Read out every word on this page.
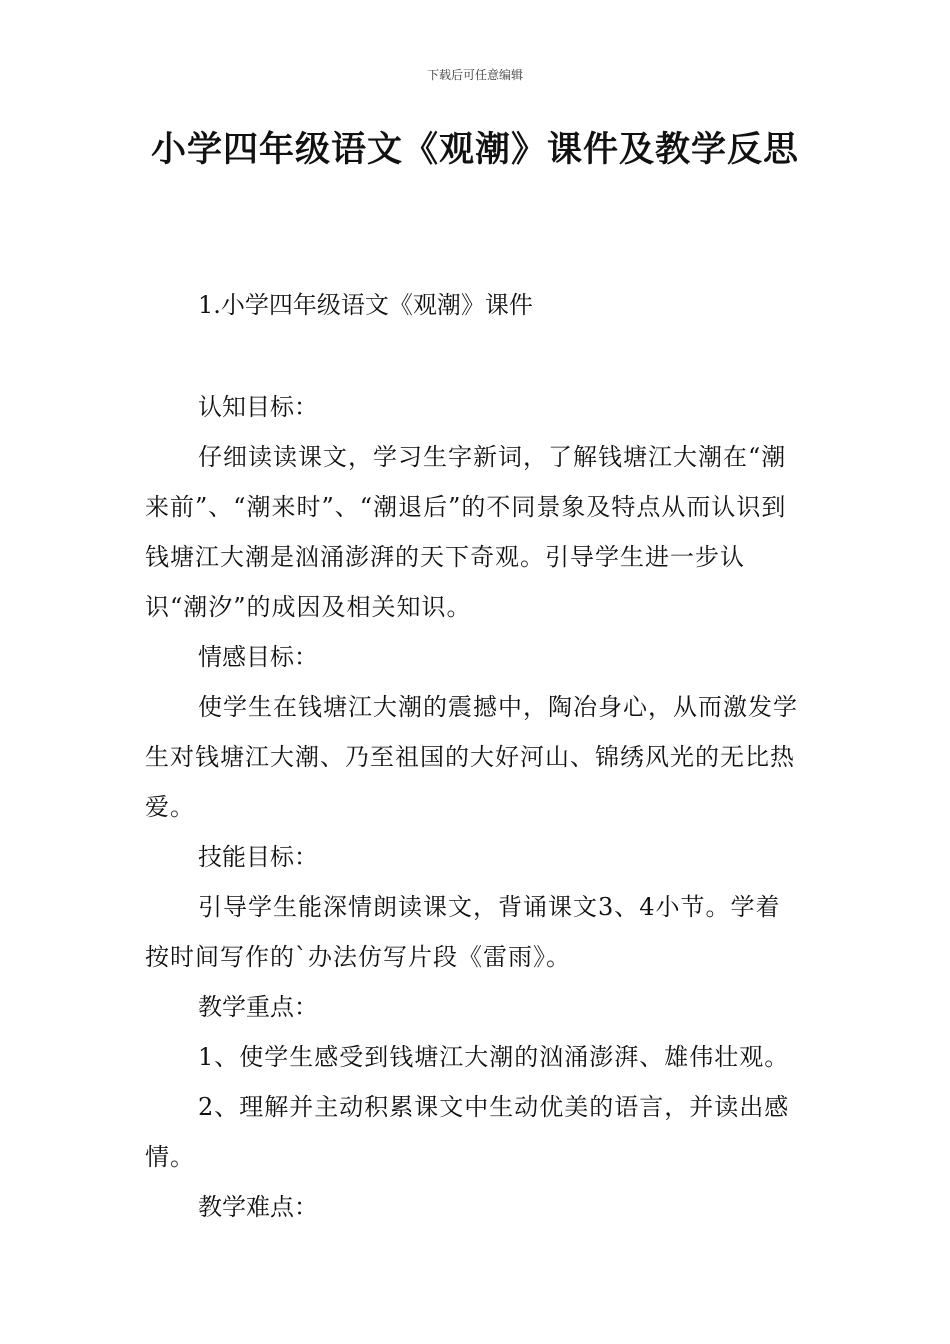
下载后可任意编辑
小学四年级语文《观潮》课件及教学反思

1.小学四年级语文《观潮》课件

认知目标：

仔细读读课文，学习生字新词，了解钱塘江大潮在“潮来前”、“潮来时”、“潮退后”的不同景象及特点从而认识到钱塘江大潮是汹涌澎湃的天下奇观。引导学生进一步认识“潮汐”的成因及相关知识。

情感目标：

使学生在钱塘江大潮的震撼中，陶冶身心，从而激发学生对钱塘江大潮、乃至祖国的大好河山、锦绣风光的无比热爱。

技能目标：

引导学生能深情朗读课文，背诵课文3、4小节。学着按时间写作的`办法仿写片段《雷雨》。

教学重点：

1、使学生感受到钱塘江大潮的汹涌澎湃、雄伟壮观。

2、理解并主动积累课文中生动优美的语言，并读出感情。

教学难点：
